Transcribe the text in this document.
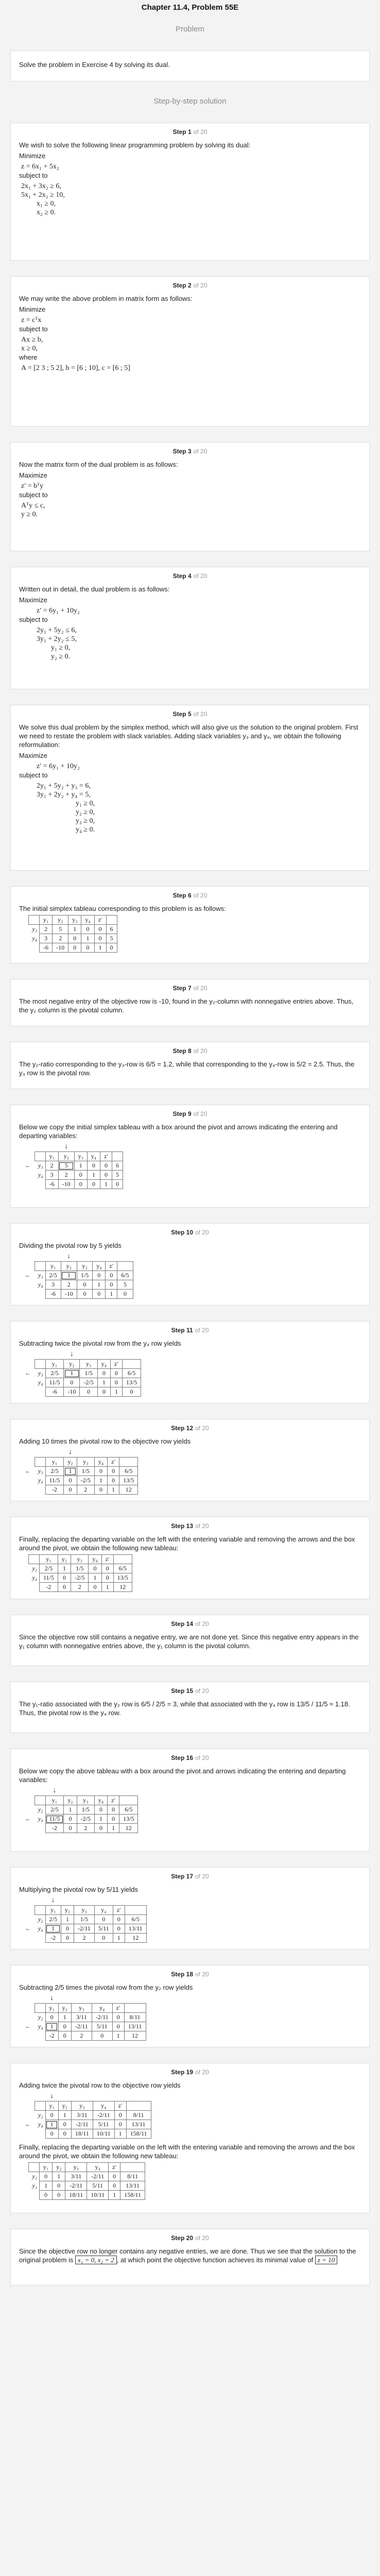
Chapter 11.4, Problem 55E
Problem

Solve the problem in Exercise 4 by solving its dual.

Step-by-step solution
Step 1 of 20

We wish to solve the following linear programming problem by solving its dual:

Minimize

z = 6x₁ + 5x₂

subject to

2x₁ + 3x₂ ≥ 6,
5x₁ + 2x₂ ≥ 10,
x₁ ≥ 0,
x₂ ≥ 0.
Step 2 of 20

We may write the above problem in matrix form as follows:

Minimize

z = cᵀx

subject to

Ax ≥ b,
x ≥ 0,

where

A = [2 3 ; 5 2], b = [6 ; 10], c = [6 ; 5]
Step 3 of 20

Now the matrix form of the dual problem is as follows:

Maximize

z′ = bᵀy

subject to

Aᵀy ≤ c,
y ≥ 0.
Step 4 of 20

Written out in detail, the dual problem is as follows:

Maximize

z′ = 6y₁ + 10y₂

subject to

2y₁ + 5y₂ ≤ 6,
3y₁ + 2y₂ ≤ 5,
y₁ ≥ 0,
y₂ ≥ 0.
Step 5 of 20

We solve this dual problem by the simplex method, which will also give us the solution to the original problem. First we need to restate the problem with slack variables. Adding slack variables y₃ and y₄, we obtain the following reformulation:

Maximize

z′ = 6y₁ + 10y₂

subject to

2y₁ + 5y₂ + y₃ = 6,
3y₁ + 2y₂ + y₄ = 5,
y₁ ≥ 0,
y₂ ≥ 0,
y₃ ≥ 0,
y₄ ≥ 0.
Step 6 of 20

The initial simplex tableau corresponding to this problem is as follows:

		y₁	y₂	y₃	y₄	z′	
	y₃	2	5	1	0	0	6
	y₄	3	2	0	1	0	5
		-6	-10	0	0	1	0
Step 7 of 20

The most negative entry of the objective row is -10, found in the y₂-column with nonnegative entries above. Thus, the y₂ column is the pivotal column.

Step 8 of 20

The y₂-ratio corresponding to the y₃-row is 6/5 = 1.2, while that corresponding to the y₄-row is 5/2 = 2.5. Thus, the y₃ row is the pivotal row.

Step 9 of 20

Below we copy the initial simplex tableau with a box around the pivot and arrows indicating the entering and departing variables:

			↓				
		y₁	y₂	y₃	y₄	z′	
←	y₃	2	5	1	0	0	6
	y₄	3	2	0	1	0	5
		-6	-10	0	0	1	0
Step 10 of 20

Dividing the pivotal row by 5 yields

			↓				
		y₁	y₂	y₃	y₄	z′	
←	y₃	2/5	1	1/5	0	0	6/5
	y₄	3	2	0	1	0	5
		-6	-10	0	0	1	0
Step 11 of 20

Subtracting twice the pivotal row from the y₄ row yields

			↓				
		y₁	y₂	y₃	y₄	z′	
←	y₃	2/5	1	1/5	0	0	6/5
	y₄	11/5	0	-2/5	1	0	13/5
		-6	-10	0	0	1	0
Step 12 of 20

Adding 10 times the pivotal row to the objective row yields

			↓				
		y₁	y₂	y₃	y₄	z′	
←	y₃	2/5	1	1/5	0	0	6/5
	y₄	11/5	0	-2/5	1	0	13/5
		-2	0	2	0	1	12
Step 13 of 20

Finally, replacing the departing variable on the left with the entering variable and removing the arrows and the box around the pivot, we obtain the following new tableau:

		y₁	y₂	y₃	y₄	z′	
	y₂	2/5	1	1/5	0	0	6/5
	y₄	11/5	0	-2/5	1	0	13/5
		-2	0	2	0	1	12
Step 14 of 20

Since the objective row still contains a negative entry, we are not done yet. Since this negative entry appears in the y₁ column with nonnegative entries above, the y₁ column is the pivotal column.

Step 15 of 20

The y₁-ratio associated with the y₂ row is 6/5 / 2/5 = 3, while that associated with the y₄ row is 13/5 / 11/5 ≈ 1.18. Thus, the pivotal row is the y₄ row.

Step 16 of 20

Below we copy the above tableau with a box around the pivot and arrows indicating the entering and departing variables:

		↓					
		y₁	y₂	y₃	y₄	z′	
	y₂	2/5	1	1/5	0	0	6/5
←	y₄	11/5	0	-2/5	1	0	13/5
		-2	0	2	0	1	12
Step 17 of 20

Multiplying the pivotal row by 5/11 yields

		↓					
		y₁	y₂	y₃	y₄	z′	
	y₂	2/5	1	1/5	0	0	6/5
←	y₄	1	0	-2/11	5/11	0	13/11
		-2	0	2	0	1	12
Step 18 of 20

Subtracting 2/5 times the pivotal row from the y₂ row yields

		↓					
		y₁	y₂	y₃	y₄	z′	
	y₂	0	1	3/11	-2/11	0	8/11
←	y₄	1	0	-2/11	5/11	0	13/11
		-2	0	2	0	1	12
Step 19 of 20

Adding twice the pivotal row to the objective row yields

		↓					
		y₁	y₂	y₃	y₄	z′	
	y₂	0	1	3/11	-2/11	0	8/11
←	y₄	1	0	-2/11	5/11	0	13/11
		0	0	18/11	10/11	1	158/11

Finally, replacing the departing variable on the left with the entering variable and removing the arrows and the box around the pivot, we obtain the following new tableau:

		y₁	y₂	y₃	y₄	z′	
	y₂	0	1	3/11	-2/11	0	8/11
	y₁	1	0	-2/11	5/11	0	13/11
		0	0	18/11	10/11	1	158/11
Step 20 of 20

Since the objective row no longer contains any negative entries, we are done. Thus we see that the solution to the original problem is x₁ = 0, x₂ = 2 , at which point the objective function achieves its minimal value of z = 10
